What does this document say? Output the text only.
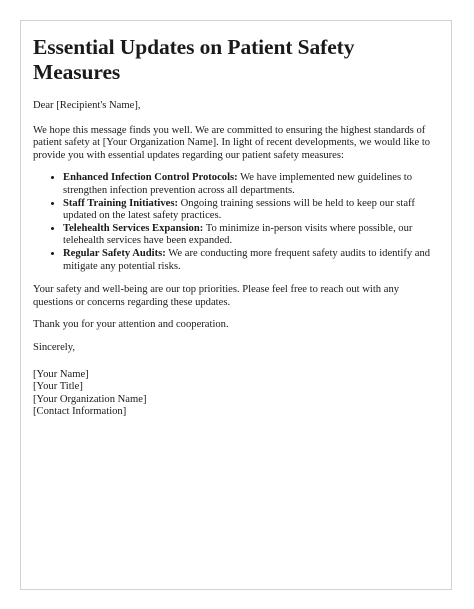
Essential Updates on Patient Safety Measures

Dear [Recipient's Name],

We hope this message finds you well. We are committed to ensuring the highest standards of patient safety at [Your Organization Name]. In light of recent developments, we would like to provide you with essential updates regarding our patient safety measures:

• Enhanced Infection Control Protocols: We have implemented new guidelines to strengthen infection prevention across all departments.
• Staff Training Initiatives: Ongoing training sessions will be held to keep our staff updated on the latest safety practices.
• Telehealth Services Expansion: To minimize in-person visits where possible, our telehealth services have been expanded.
• Regular Safety Audits: We are conducting more frequent safety audits to identify and mitigate any potential risks.

Your safety and well-being are our top priorities. Please feel free to reach out with any questions or concerns regarding these updates.

Thank you for your attention and cooperation.

Sincerely,

[Your Name]
[Your Title]
[Your Organization Name]
[Contact Information]
